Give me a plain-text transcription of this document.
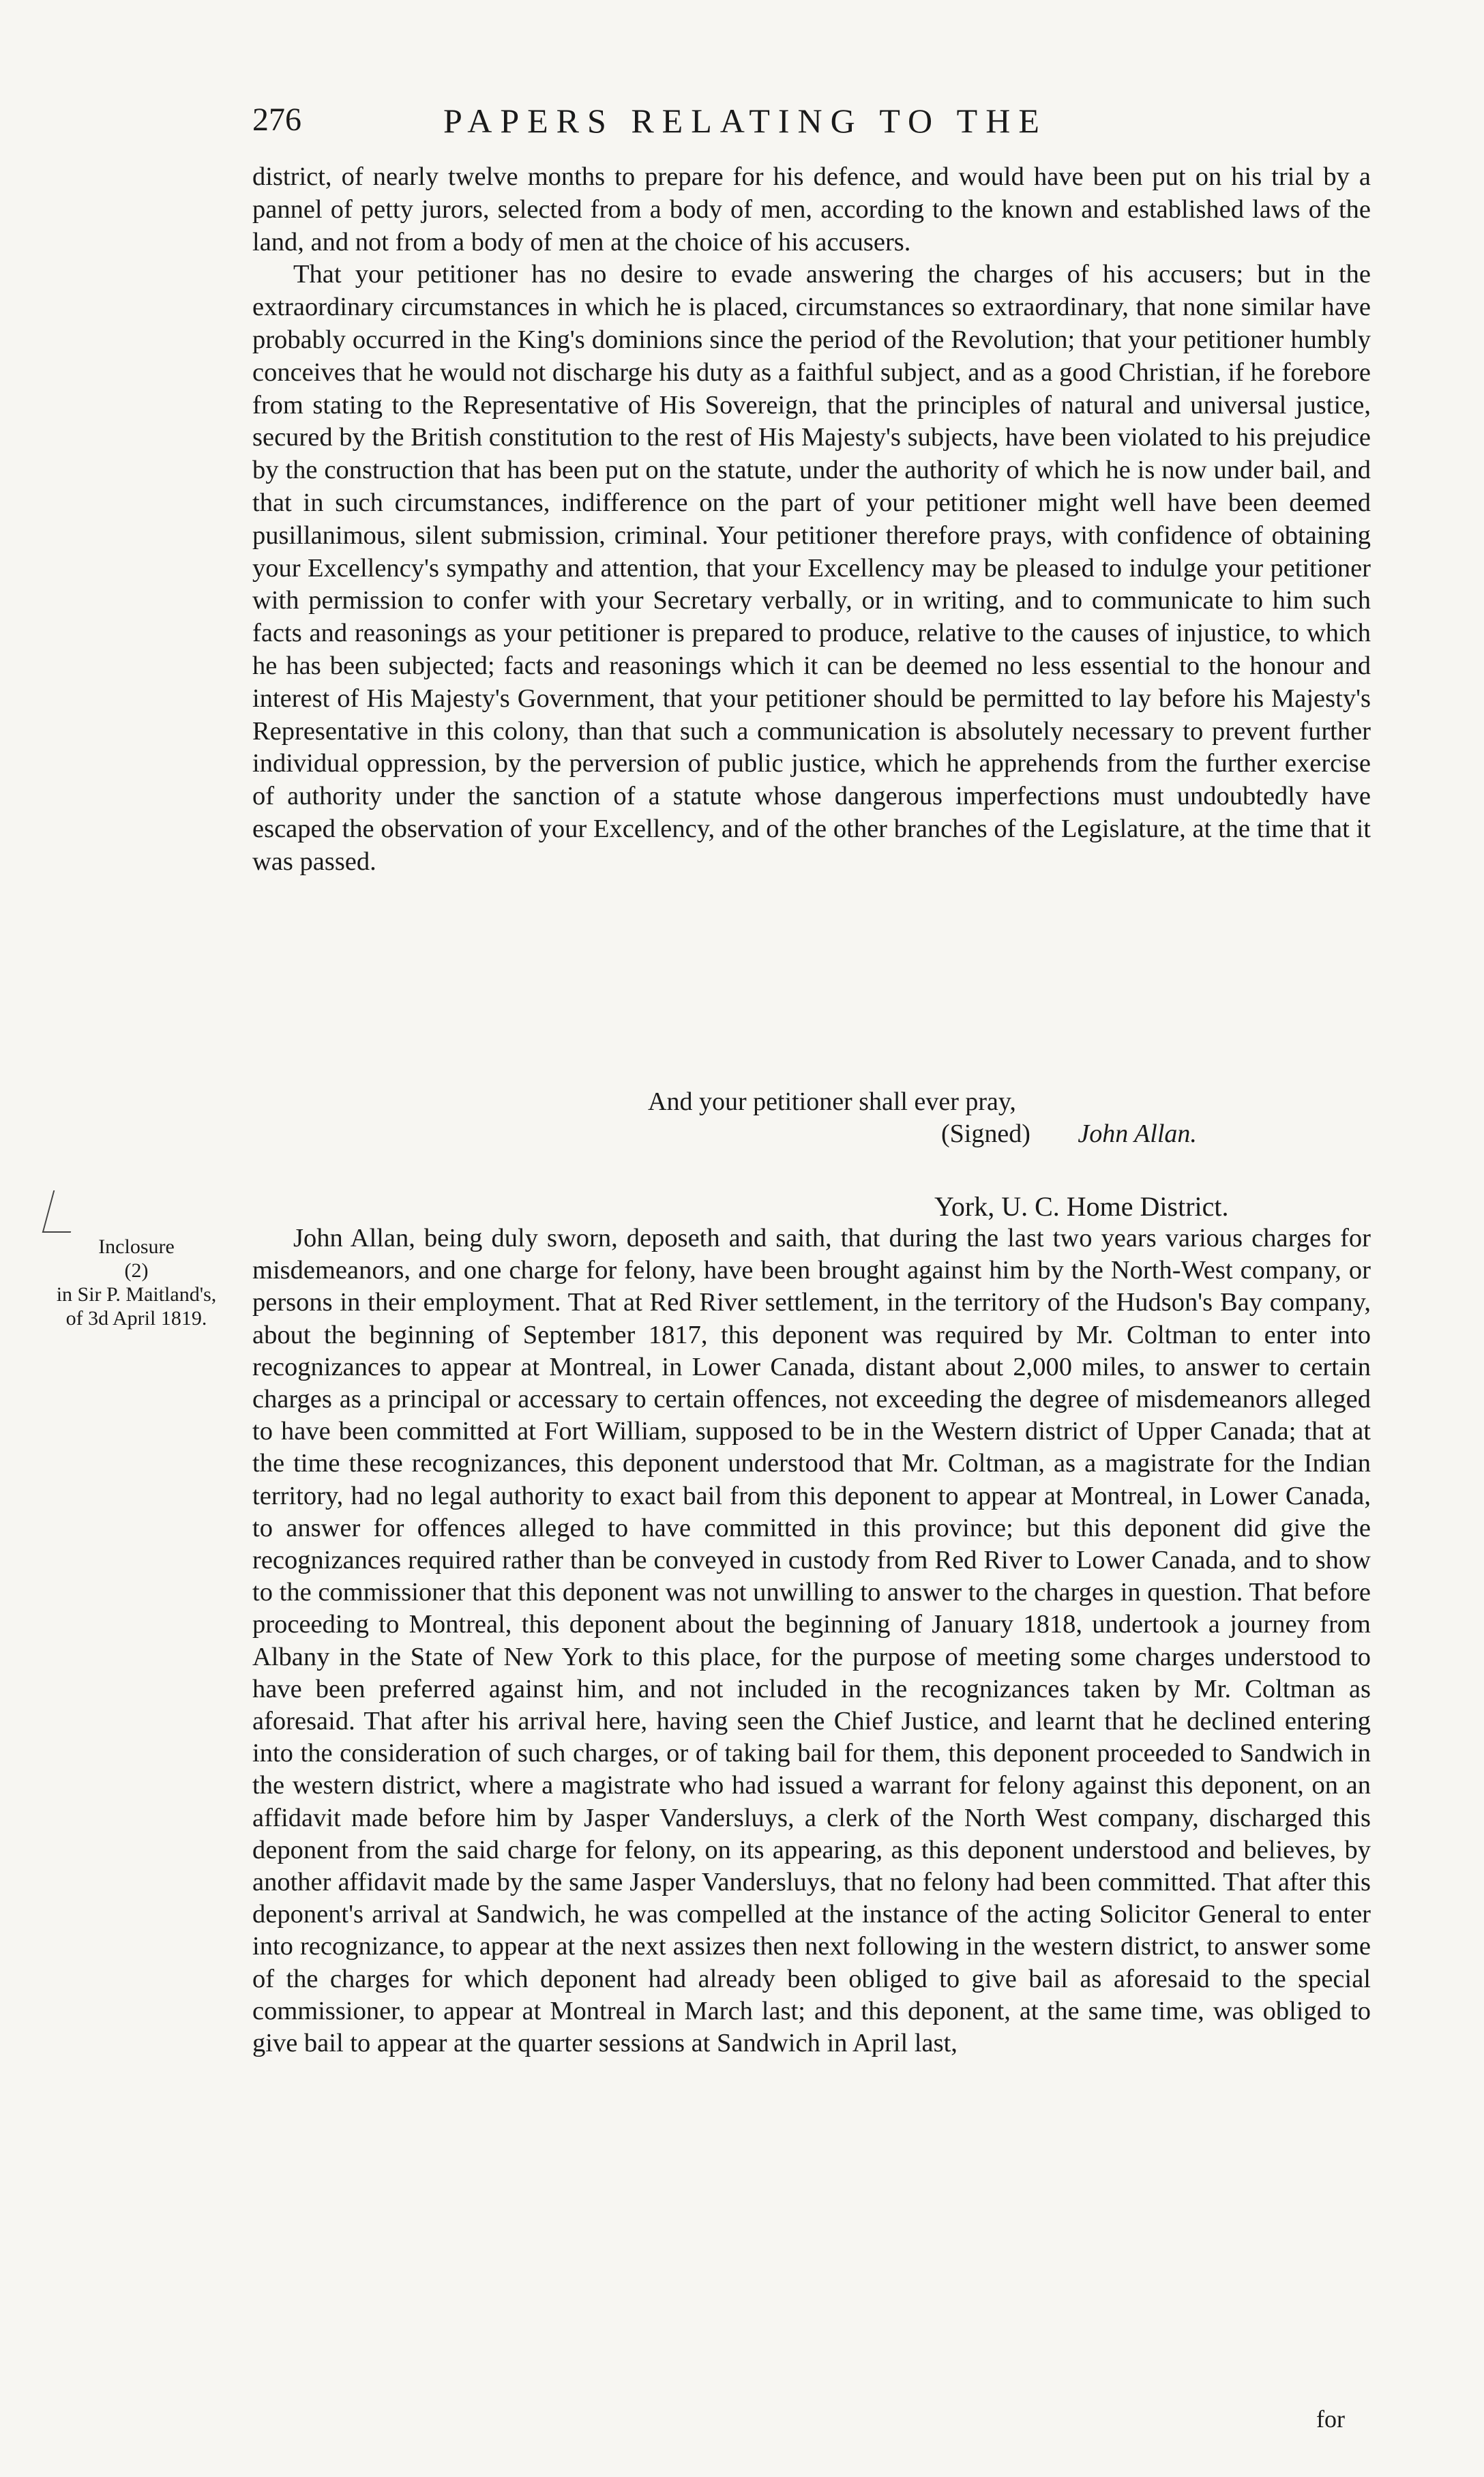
276	PAPERS RELATING TO THE

district, of nearly twelve months to prepare for his defence, and would have been put on his trial by a pannel of petty jurors, selected from a body of men, according to the known and established laws of the land, and not from a body of men at the choice of his accusers.

That your petitioner has no desire to evade answering the charges of his accusers; but in the extraordinary circumstances in which he is placed, circumstances so extraordinary, that none similar have probably occurred in the King's dominions since the period of the Revolution; that your petitioner humbly conceives that he would not discharge his duty as a faithful subject, and as a good Christian, if he forebore from stating to the Representative of His Sovereign, that the principles of natural and universal justice, secured by the British constitution to the rest of His Majesty's subjects, have been violated to his prejudice by the construction that has been put on the statute, under the authority of which he is now under bail, and that in such circumstances, indifference on the part of your petitioner might well have been deemed pusillanimous, silent submission, criminal. Your petitioner therefore prays, with confidence of obtaining your Excellency's sympathy and attention, that your Excellency may be pleased to indulge your petitioner with permission to confer with your Secretary verbally, or in writing, and to communicate to him such facts and reasonings as your petitioner is prepared to produce, relative to the causes of injustice, to which he has been subjected; facts and reasonings which it can be deemed no less essential to the honour and interest of His Majesty's Government, that your petitioner should be permitted to lay before his Majesty's Representative in this colony, than that such a communication is absolutely necessary to prevent further individual oppression, by the perversion of public justice, which he apprehends from the further exercise of authority under the sanction of a statute whose dangerous imperfections must undoubtedly have escaped the observation of your Excellency, and of the other branches of the Legislature, at the time that it was passed.

And your petitioner shall ever pray,
(Signed) John Allan.
York, U. C. Home District.
Inclosure
(2)
in Sir P. Maitland's,
of 3d April 1819.

John Allan, being duly sworn, deposeth and saith, that during the last two years various charges for misdemeanors, and one charge for felony, have been brought against him by the North-West company, or persons in their employment. That at Red River settlement, in the territory of the Hudson's Bay company, about the beginning of September 1817, this deponent was required by Mr. Coltman to enter into recognizances to appear at Montreal, in Lower Canada, distant about 2,000 miles, to answer to certain charges as a principal or accessary to certain offences, not exceeding the degree of misdemeanors alleged to have been committed at Fort William, supposed to be in the Western district of Upper Canada; that at the time these recognizances, this deponent understood that Mr. Coltman, as a magistrate for the Indian territory, had no legal authority to exact bail from this deponent to appear at Montreal, in Lower Canada, to answer for offences alleged to have committed in this province; but this deponent did give the recognizances required rather than be conveyed in custody from Red River to Lower Canada, and to show to the commissioner that this deponent was not unwilling to answer to the charges in question. That before proceeding to Montreal, this deponent about the beginning of January 1818, undertook a journey from Albany in the State of New York to this place, for the purpose of meeting some charges understood to have been preferred against him, and not included in the recognizances taken by Mr. Coltman as aforesaid. That after his arrival here, having seen the Chief Justice, and learnt that he declined entering into the consideration of such charges, or of taking bail for them, this deponent proceeded to Sandwich in the western district, where a magistrate who had issued a warrant for felony against this deponent, on an affidavit made before him by Jasper Vandersluys, a clerk of the North West company, discharged this deponent from the said charge for felony, on its appearing, as this deponent understood and believes, by another affidavit made by the same Jasper Vandersluys, that no felony had been committed. That after this deponent's arrival at Sandwich, he was compelled at the instance of the acting Solicitor General to enter into recognizance, to appear at the next assizes then next following in the western district, to answer some of the charges for which deponent had already been obliged to give bail as aforesaid to the special commissioner, to appear at Montreal in March last; and this deponent, at the same time, was obliged to give bail to appear at the quarter sessions at Sandwich in April last,

for
